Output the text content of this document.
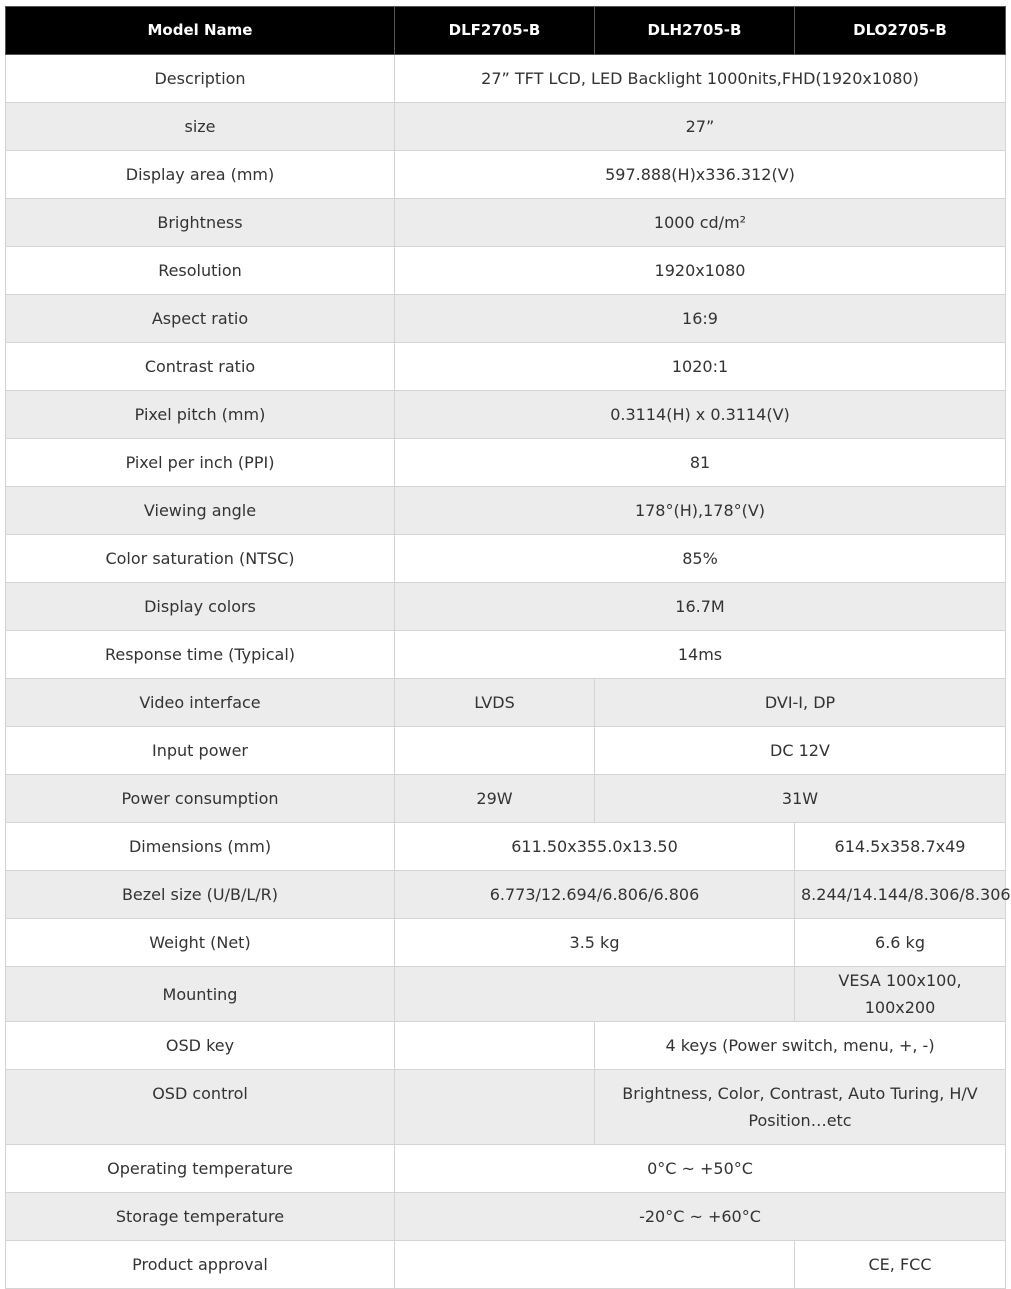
Model Name	DLF2705-B	DLH2705-B	DLO2705-B
Description	27” TFT LCD, LED Backlight 1000nits,FHD(1920x1080)		
size	27”		
Display area (mm)	597.888(H)x336.312(V)		
Brightness	1000 cd/m²		
Resolution	1920x1080		
Aspect ratio	16:9		
Contrast ratio	1020:1		
Pixel pitch (mm)	0.3114(H) x 0.3114(V)		
Pixel per inch (PPI)	81		
Viewing angle	178°(H),178°(V)		
Color saturation (NTSC)	85%		
Display colors	16.7M		
Response time (Typical)	14ms		
Video interface	LVDS	DVI-I, DP	
Input power		DC 12V	
Power consumption	29W	31W	
Dimensions (mm)	611.50x355.0x13.50		614.5x358.7x49
Bezel size (U/B/L/R)	6.773/12.694/6.806/6.806		8.244/14.144/8.306/8.306
Weight (Net)	3.5 kg		6.6 kg
Mounting			VESA 100x100, 100x200
OSD key		4 keys (Power switch, menu, +, -)	
OSD control		Brightness, Color, Contrast, Auto Turing, H/V Position…etc	
Operating temperature	0°C ~ +50°C		
Storage temperature	-20°C ~ +60°C		
Product approval			CE, FCC
